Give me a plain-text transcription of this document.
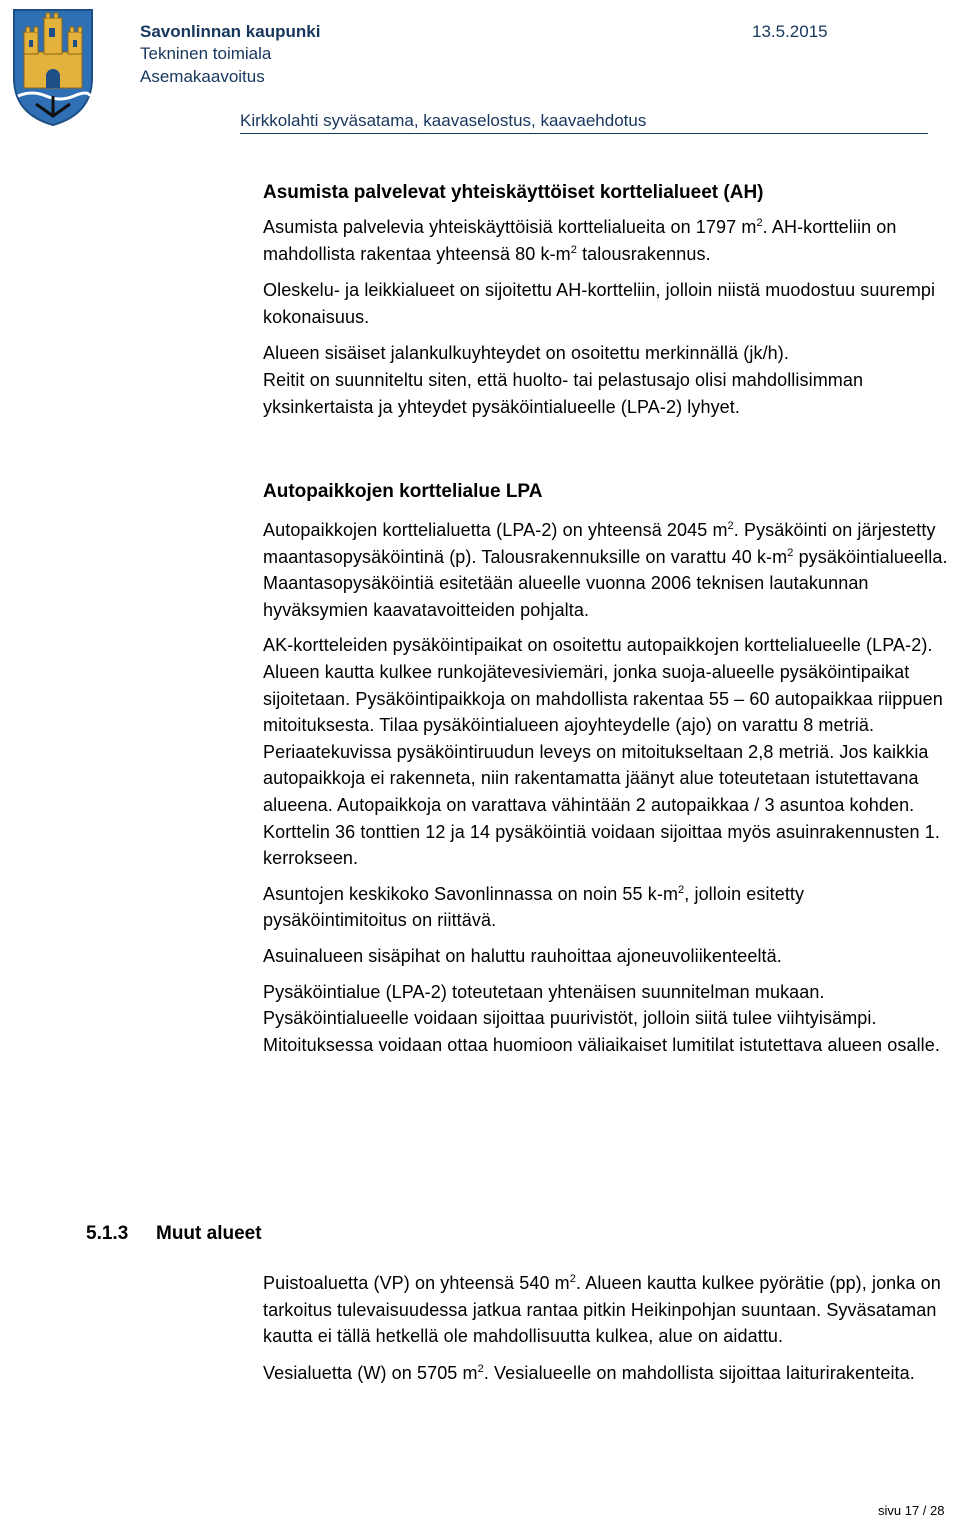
Savonlinnan kaupunki
Tekninen toimiala
Asemakaavoitus
13.5.2015
Kirkkolahti syväsatama, kaavaselostus, kaavaehdotus
Asumista palvelevat yhteiskäyttöiset korttelialueet (AH)

Asumista palvelevia yhteiskäyttöisiä korttelialueita on 1797 $m^2$. AH-kortteliin on mahdollista rakentaa yhteensä 80 $k-m^2$ talousrakennus.

Oleskelu- ja leikkialueet on sijoitettu AH-kortteliin, jolloin niistä muodostuu suurempi kokonaisuus.

Alueen sisäiset jalankulkuyhteydet on osoitettu merkinnällä (jk/h).

Reitit on suunniteltu siten, että huolto- tai pelastusajo olisi mahdollisimman yksinkertaista ja yhteydet pysäköintialueelle (LPA-2) lyhyet.

Autopaikkojen korttelialue LPA

Autopaikkojen korttelialuetta (LPA-2) on yhteensä 2045 $m^2$. Pysäköinti on järjestetty maantasopysäköintinä (p). Talousrakennuksille on varattu 40 $k-m^2$ pysäköintialueella. Maantasopysäköintiä esitetään alueelle vuonna 2006 teknisen lautakunnan hyväksymien kaavatavoitteiden pohjalta.

AK-kortteleiden pysäköintipaikat on osoitettu autopaikkojen korttelialueelle (LPA-2). Alueen kautta kulkee runkojätevesiviemäri, jonka suoja-alueelle pysäköintipaikat sijoitetaan. Pysäköintipaikkoja on mahdollista rakentaa 55 – 60 autopaikkaa riippuen mitoituksesta. Tilaa pysäköintialueen ajoyhteydelle (ajo) on varattu 8 metriä. Periaatekuvissa pysäköintiruudun leveys on mitoitukseltaan 2,8 metriä. Jos kaikkia autopaikkoja ei rakenneta, niin rakentamatta jäänyt alue toteutetaan istutettavana alueena. Autopaikkoja on varattava vähintään 2 autopaikkaa / 3 asuntoa kohden. Korttelin 36 tonttien 12 ja 14 pysäköintiä voidaan sijoittaa myös asuinrakennusten 1. kerrokseen.

Asuntojen keskikoko Savonlinnassa on noin 55 $k-m^2$, jolloin esitetty pysäköintimitoitus on riittävä.

Asuinalueen sisäpihat on haluttu rauhoittaa ajoneuvoliikenteeltä.

Pysäköintialue (LPA-2) toteutetaan yhtenäisen suunnitelman mukaan. Pysäköintialueelle voidaan sijoittaa puurivistöt, jolloin siitä tulee viihtyisämpi. Mitoituksessa voidaan ottaa huomioon väliaikaiset lumitilat istutettava alueen osalle.

5.1.3 Muut alueet

Puistoaluetta (VP) on yhteensä 540 $m^2$. Alueen kautta kulkee pyörätie (pp), jonka on tarkoitus tulevaisuudessa jatkua rantaa pitkin Heikinpohjan suuntaan. Syväsataman kautta ei tällä hetkellä ole mahdollisuutta kulkea, alue on aidattu.

Vesialuetta (W) on 5705 $m^2$. Vesialueelle on mahdollista sijoittaa laiturirakenteita.

sivu 17 / 28
